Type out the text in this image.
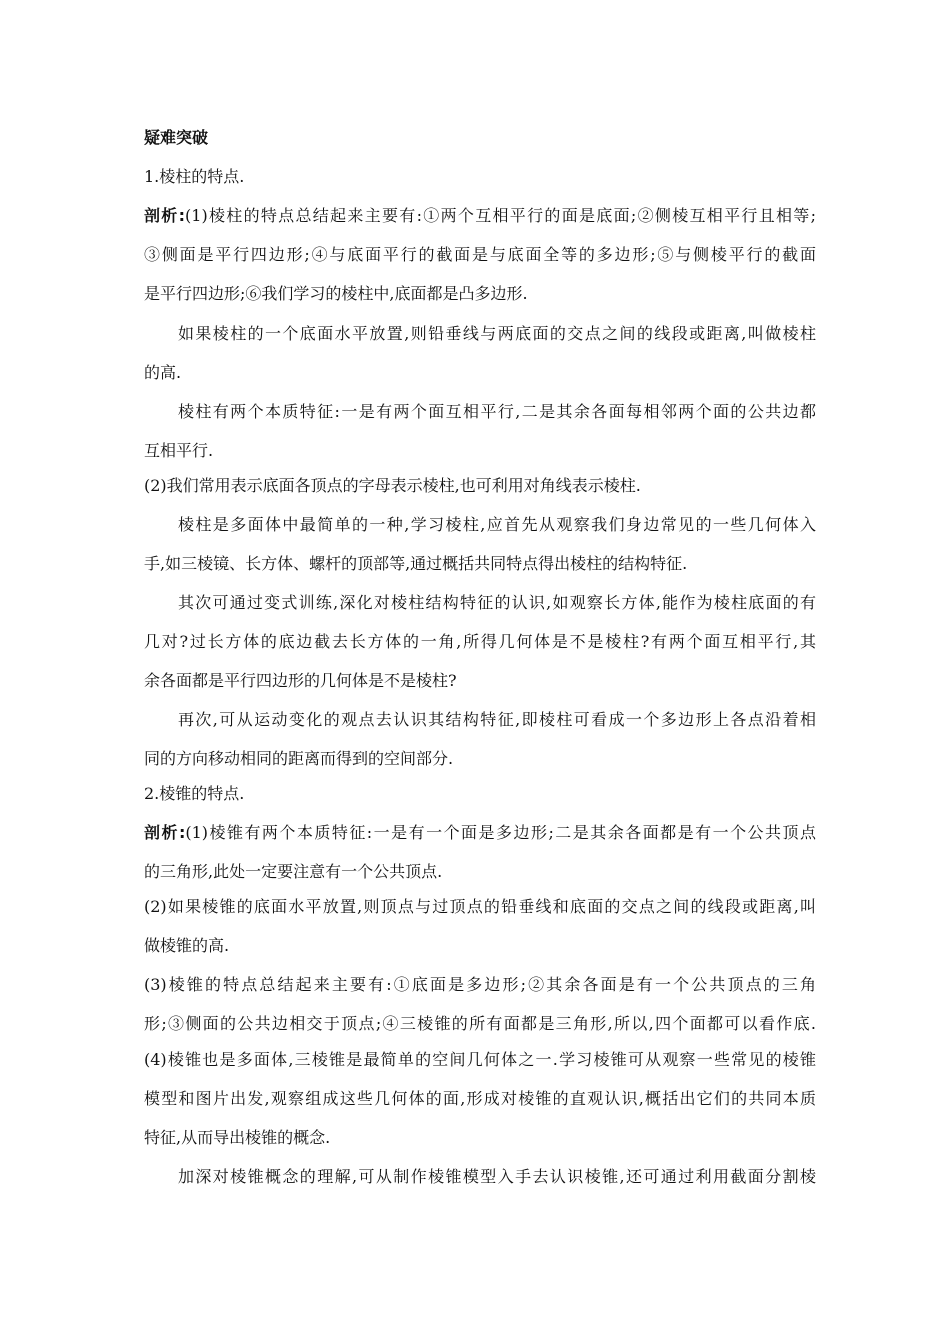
疑难突破
1.棱柱的特点.
剖析:(1)棱柱的特点总结起来主要有:①两个互相平行的面是底面;②侧棱互相平行且相等;
③侧面是平行四边形;④与底面平行的截面是与底面全等的多边形;⑤与侧棱平行的截面
是平行四边形;⑥我们学习的棱柱中,底面都是凸多边形.
如果棱柱的一个底面水平放置,则铅垂线与两底面的交点之间的线段或距离,叫做棱柱
的高.
棱柱有两个本质特征:一是有两个面互相平行,二是其余各面每相邻两个面的公共边都
互相平行.
(2)我们常用表示底面各顶点的字母表示棱柱,也可利用对角线表示棱柱.
棱柱是多面体中最简单的一种,学习棱柱,应首先从观察我们身边常见的一些几何体入
手,如三棱镜、长方体、螺杆的顶部等,通过概括共同特点得出棱柱的结构特征.
其次可通过变式训练,深化对棱柱结构特征的认识,如观察长方体,能作为棱柱底面的有
几对?过长方体的底边截去长方体的一角,所得几何体是不是棱柱?有两个面互相平行,其
余各面都是平行四边形的几何体是不是棱柱?
再次,可从运动变化的观点去认识其结构特征,即棱柱可看成一个多边形上各点沿着相
同的方向移动相同的距离而得到的空间部分.
2.棱锥的特点.
剖析:(1)棱锥有两个本质特征:一是有一个面是多边形;二是其余各面都是有一个公共顶点
的三角形,此处一定要注意有一个公共顶点.
(2)如果棱锥的底面水平放置,则顶点与过顶点的铅垂线和底面的交点之间的线段或距离,叫
做棱锥的高.
(3)棱锥的特点总结起来主要有:①底面是多边形;②其余各面是有一个公共顶点的三角
形;③侧面的公共边相交于顶点;④三棱锥的所有面都是三角形,所以,四个面都可以看作底.
(4)棱锥也是多面体,三棱锥是最简单的空间几何体之一.学习棱锥可从观察一些常见的棱锥
模型和图片出发,观察组成这些几何体的面,形成对棱锥的直观认识,概括出它们的共同本质
特征,从而导出棱锥的概念.
加深对棱锥概念的理解,可从制作棱锥模型入手去认识棱锥,还可通过利用截面分割棱
